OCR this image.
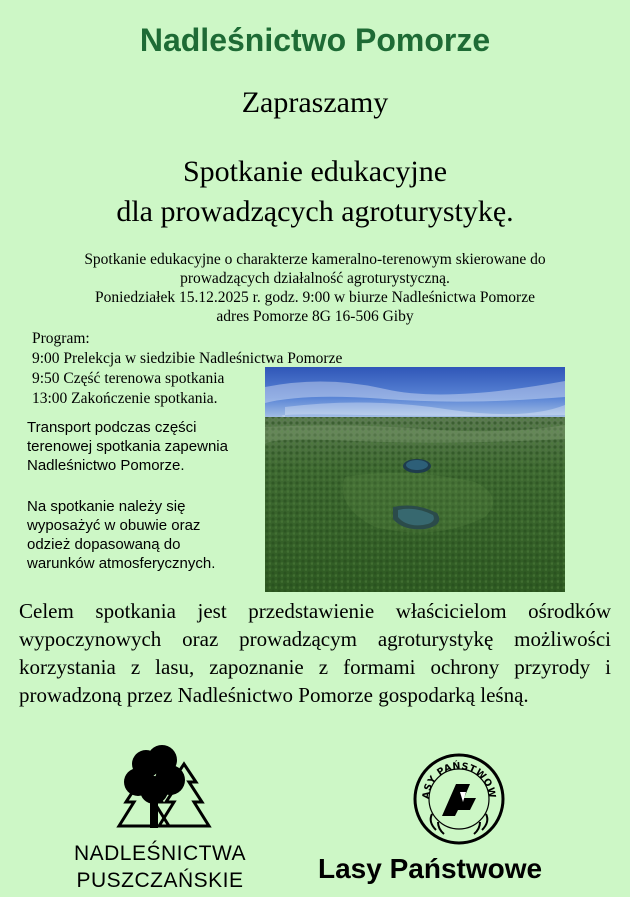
Nadleśnictwo Pomorze
Zapraszamy
Spotkanie edukacyjne
dla prowadzących agroturystykę.
Spotkanie edukacyjne o charakterze kameralno-terenowym skierowane do
prowadzących działalność agroturystyczną.
Poniedziałek 15.12.2025 r. godz. 9:00 w biurze Nadleśnictwa Pomorze
adres Pomorze 8G 16-506 Giby
Program:
9:00 Prelekcja w siedzibie Nadleśnictwa Pomorze
9:50 Część terenowa spotkania
13:00 Zakończenie spotkania.
Transport podczas części
terenowej spotkania zapewnia
Nadleśnictwo Pomorze.
Na spotkanie należy się
wyposażyć w obuwie oraz
odzież dopasowaną do
warunków atmosferycznych.
Celem spotkania jest przedstawienie właścicielom ośrodków
wypoczynowych oraz prowadzącym agroturystykę możliwości
korzystania z lasu, zapoznanie z formami ochrony przyrody i
prowadzoną przez Nadleśnictwo Pomorze gospodarką leśną.
NADLEŚNICTWA
PUSZCZAŃSKIE
ASY PAŃSTWOW
Lasy Państwowe
